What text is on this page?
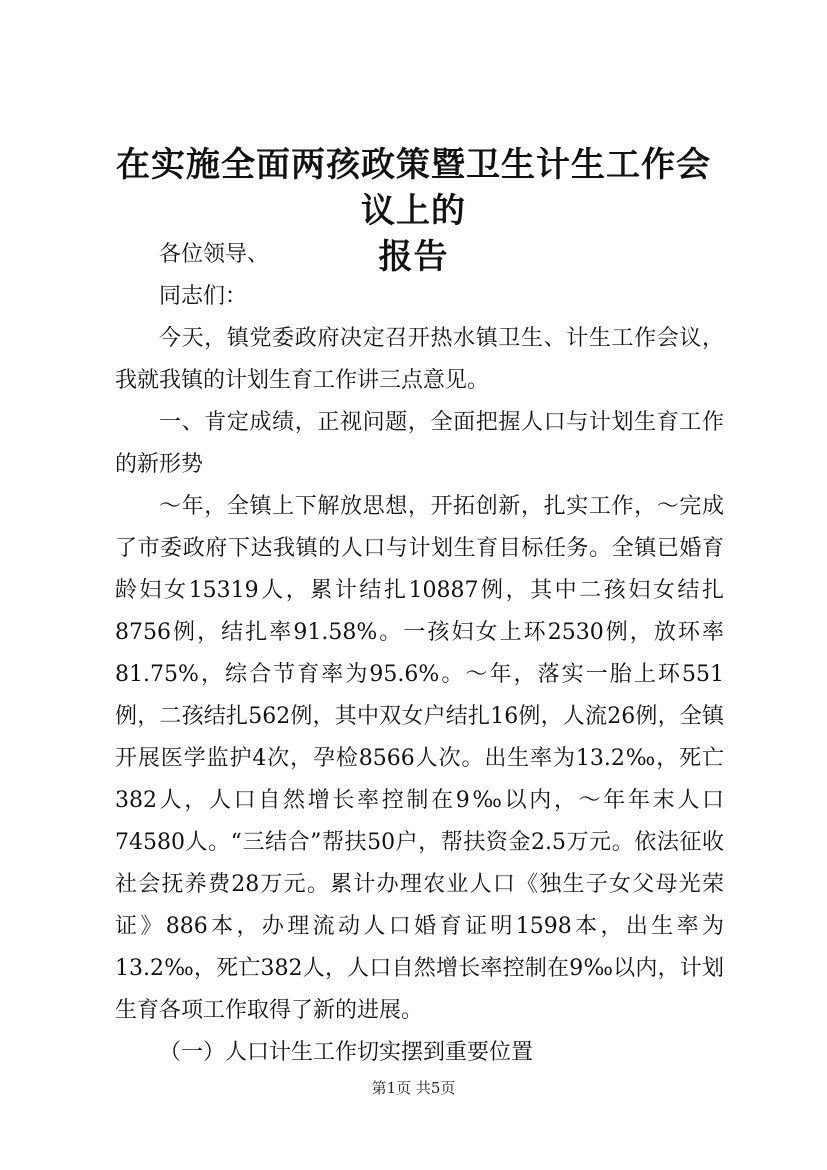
在实施全面两孩政策暨卫生计生工作会议上的
报告

各位领导、

同志们：

今天，镇党委政府决定召开热水镇卫生、计生工作会议，我就我镇的计划生育工作讲三点意见。

一、肯定成绩，正视问题，全面把握人口与计划生育工作的新形势

～年，全镇上下解放思想，开拓创新，扎实工作，～完成了市委政府下达我镇的人口与计划生育目标任务。全镇已婚育龄妇女15319人，累计结扎10887例，其中二孩妇女结扎8756例，结扎率91.58%。一孩妇女上环2530例，放环率81.75%，综合节育率为95.6%。～年，落实一胎上环551例，二孩结扎562例，其中双女户结扎16例，人流26例，全镇开展医学监护4次，孕检8566人次。出生率为13.2‰，死亡382人，人口自然增长率控制在9‰以内，～年年末人口74580人。“三结合”帮扶50户，帮扶资金2.5万元。依法征收社会抚养费28万元。累计办理农业人口《独生子女父母光荣证》886本，办理流动人口婚育证明1598本，出生率为13.2‰，死亡382人，人口自然增长率控制在9‰以内，计划生育各项工作取得了新的进展。

（一）人口计生工作切实摆到重要位置

第1页 共5页
